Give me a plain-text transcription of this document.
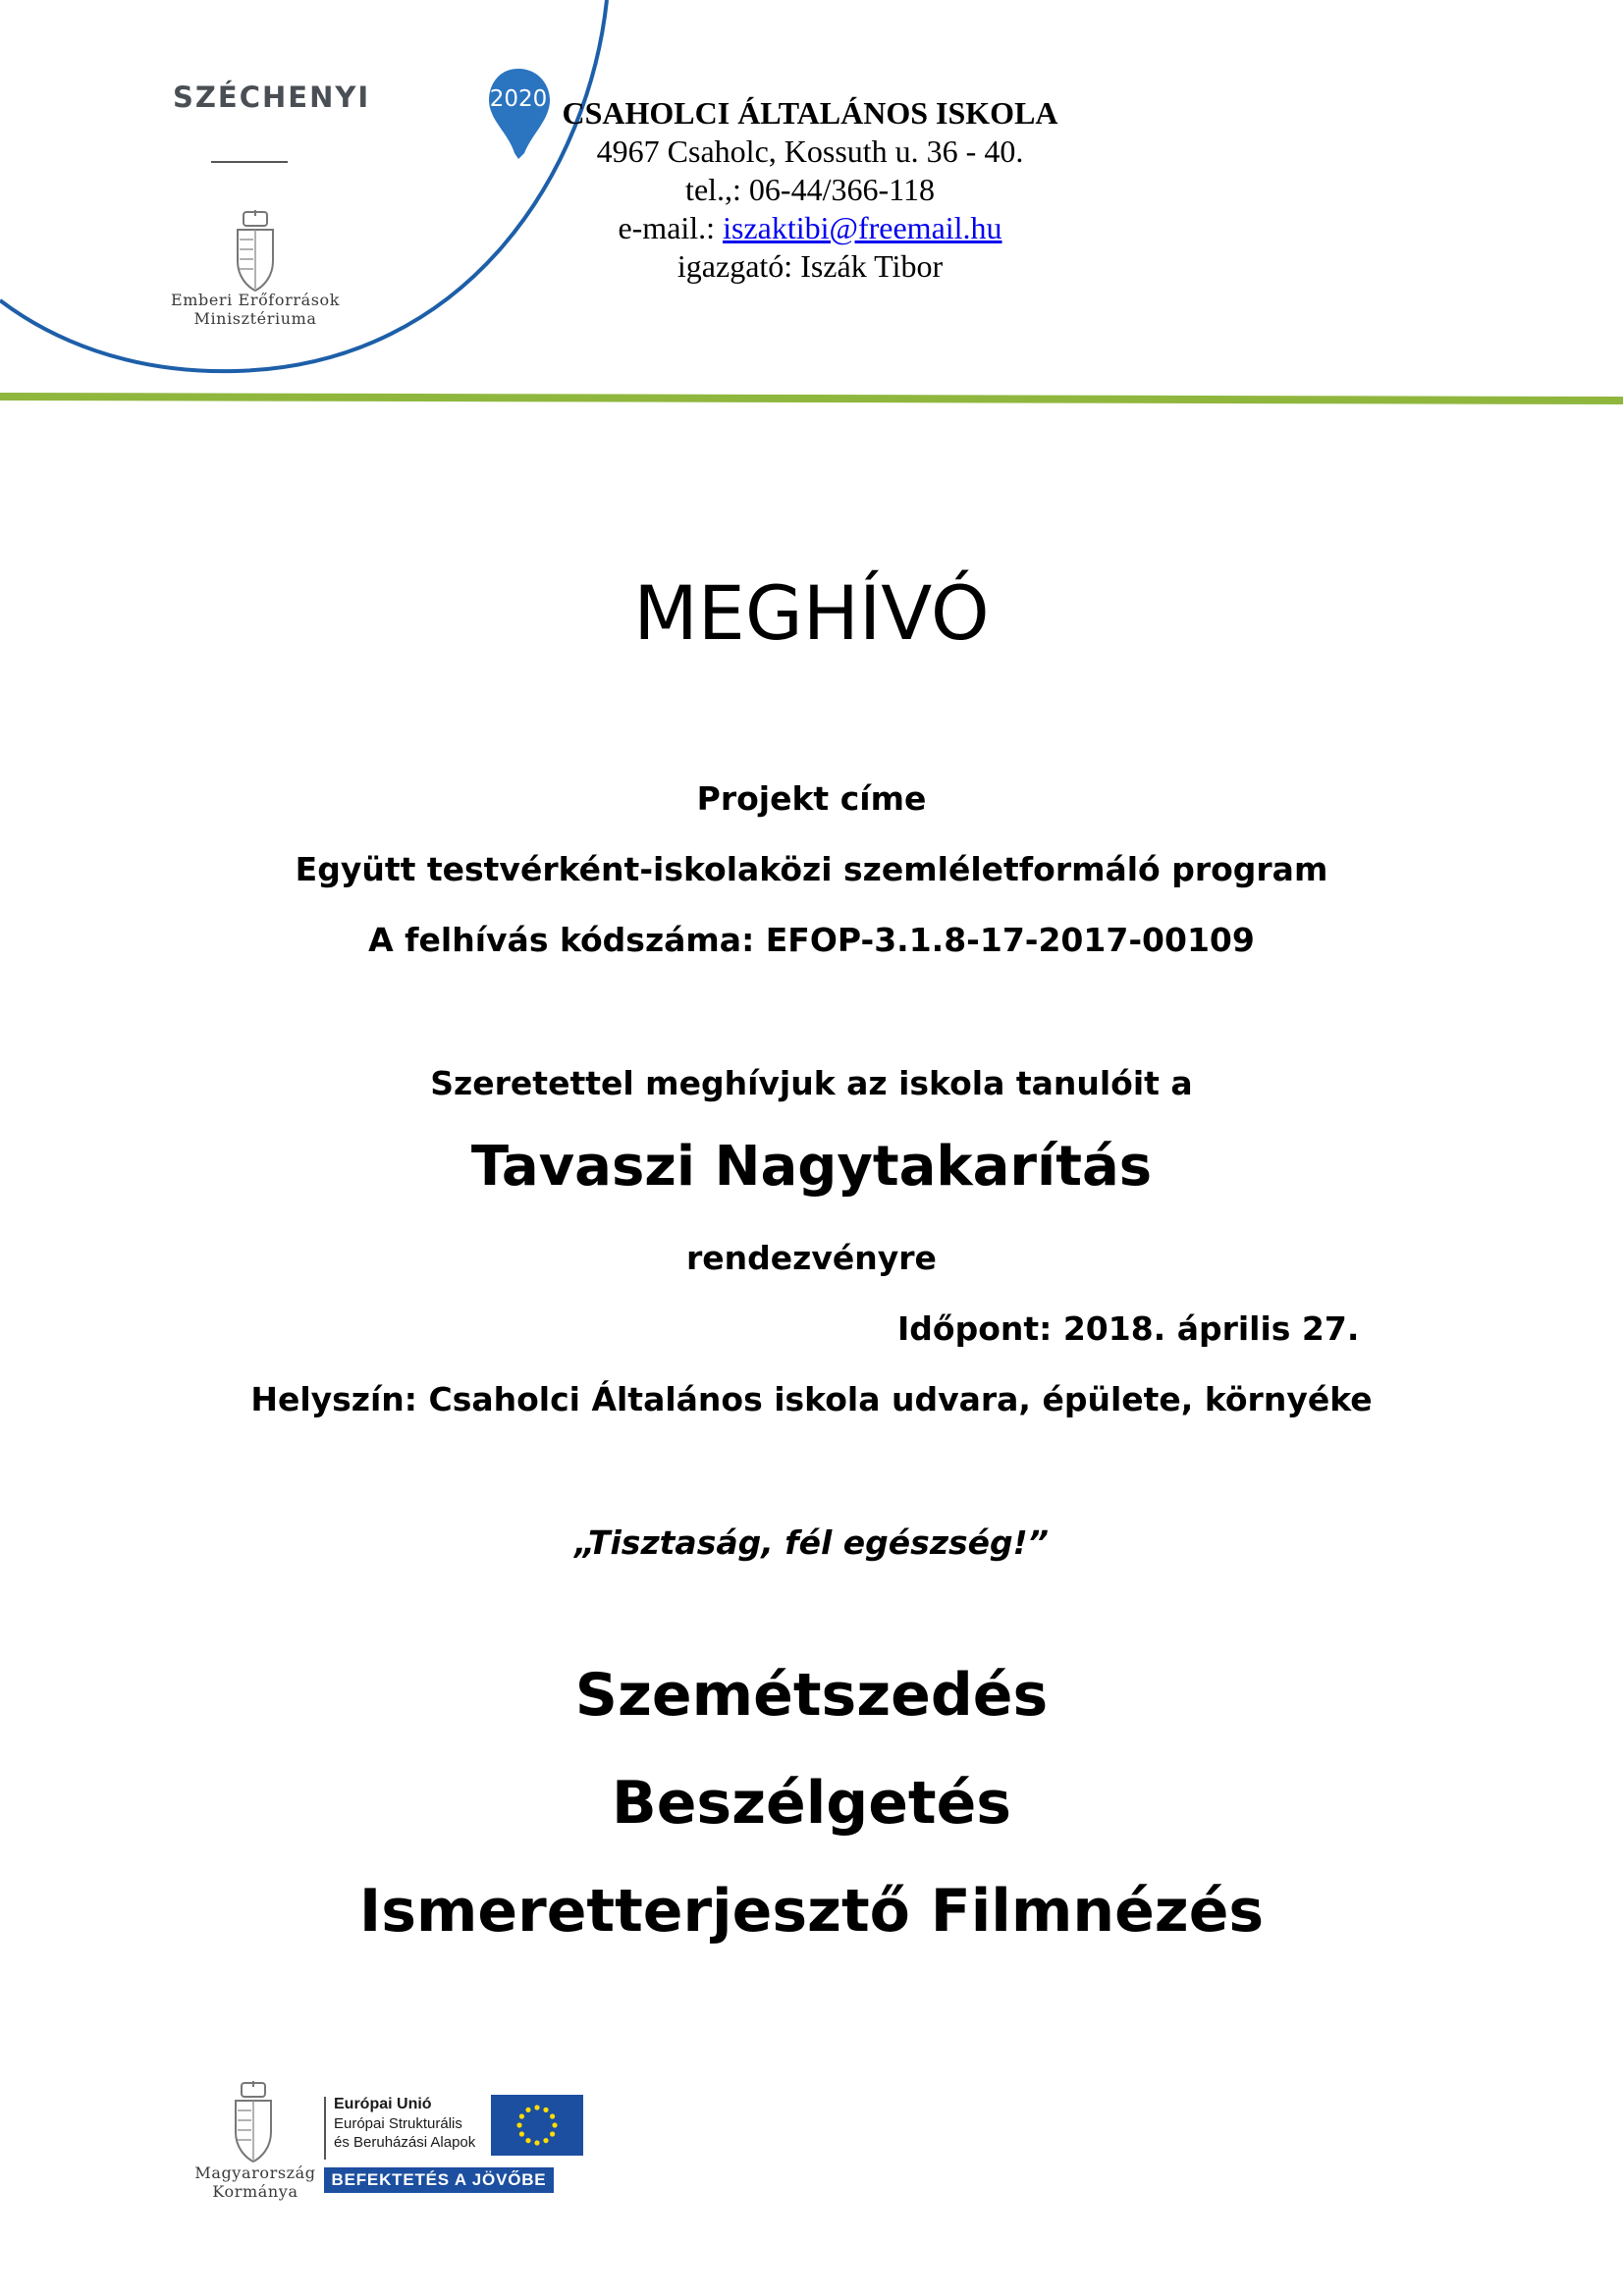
SZÉCHENYI	2020
Emberi Erőforrások Minisztériuma
CSAHOLCI ÁLTALÁNOS ISKOLA
4967 Csaholc, Kossuth u. 36 - 40.
tel.,: 06-44/366-118
e-mail.: iszaktibi@freemail.hu
igazgató: Iszák Tibor
MEGHÍVÓ
Projekt címe
Együtt testvérként-iskolaközi szemléletformáló program
A felhívás kódszáma: EFOP-3.1.8-17-2017-00109
Szeretettel meghívjuk az iskola tanulóit a
Tavaszi Nagytakarítás
rendezvényre
Időpont: 2018. április 27.
Helyszín: Csaholci Általános iskola udvara, épülete, környéke
„Tisztaság, fél egészség!”
Szemétszedés
Beszélgetés
Ismeretterjesztő Filmnézés
Magyarország Kormánya
Európai Unió
Európai Strukturális
és Beruházási Alapok
BEFEKTETÉS A JÖVŐBE
